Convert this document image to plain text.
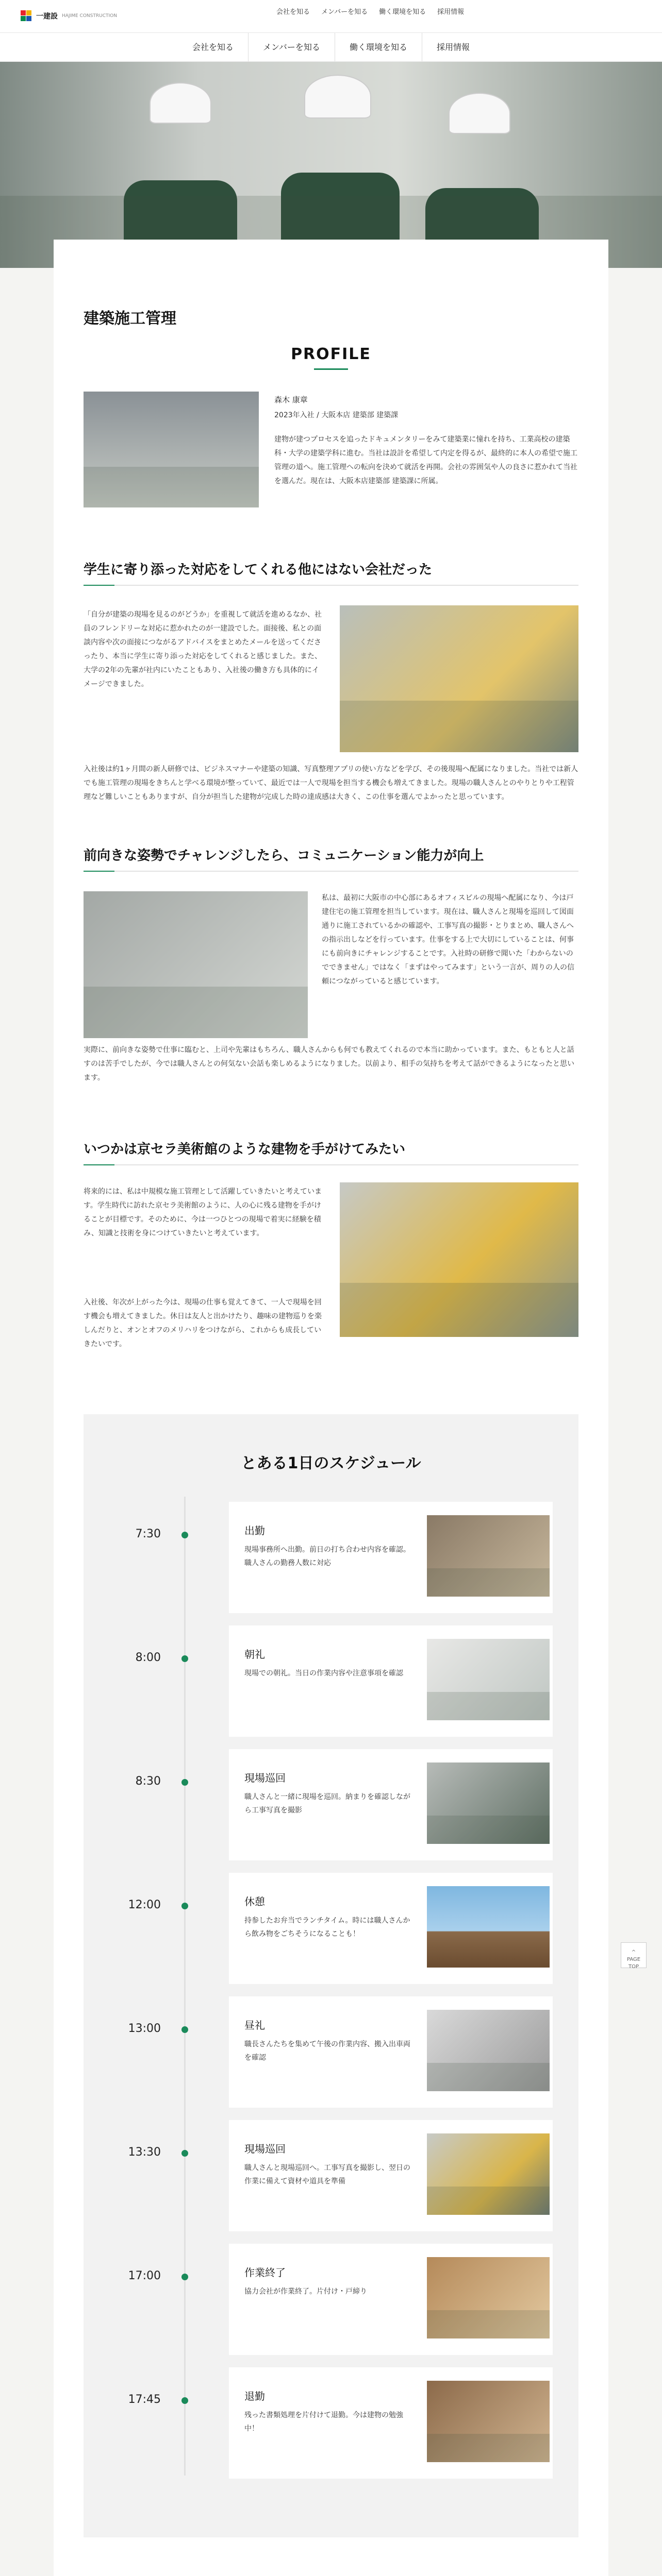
一建設 HAJIME CONSTRUCTION	会社を知る メンバーを知る 働く環境を知る 採用情報
会社を知る	メンバーを知る	働く環境を知る	採用情報
建築施工管理
PROFILE
森木 康章
2023年入社 / 大阪本店 建築部 建築課
建物が建つプロセスを追ったドキュメンタリーをみて建築業に憧れを持ち、工業高校の建築科・大学の建築学科に進む。当社は設計を希望して内定を得るが、最終的に本人の希望で施工管理の道へ。施工管理への転向を決めて就活を再開。会社の雰囲気や人の良さに惹かれて当社を選んだ。現在は、大阪本店建築部 建築課に所属。
学生に寄り添った対応をしてくれる他にはない会社だった
「自分が建築の現場を見るのがどうか」を重視して就活を進めるなか、社員のフレンドリーな対応に惹かれたのが一建設でした。面接後、私との面談内容や次の面接につながるアドバイスをまとめたメールを送ってくださったり、本当に学生に寄り添った対応をしてくれると感じました。また、大学の2年の先輩が社内にいたこともあり、入社後の働き方も具体的にイメージできました。
入社後は約1ヶ月間の新人研修では、ビジネスマナーや建築の知識、写真整理アプリの使い方などを学び、その後現場へ配属になりました。当社では新人でも施工管理の現場をきちんと学べる環境が整っていて、最近では一人で現場を担当する機会も増えてきました。現場の職人さんとのやりとりや工程管理など難しいこともありますが、自分が担当した建物が完成した時の達成感は大きく、この仕事を選んでよかったと思っています。
前向きな姿勢でチャレンジしたら、コミュニケーション能力が向上
私は、最初に大阪市の中心部にあるオフィスビルの現場へ配属になり、今は戸建住宅の施工管理を担当しています。現在は、職人さんと現場を巡回して図面通りに施工されているかの確認や、工事写真の撮影・とりまとめ、職人さんへの指示出しなどを行っています。仕事をする上で大切にしていることは、何事にも前向きにチャレンジすることです。入社時の研修で聞いた「わからないのでできません」ではなく「まずはやってみます」という一言が、周りの人の信頼につながっていると感じています。
実際に、前向きな姿勢で仕事に臨むと、上司や先輩はもちろん、職人さんからも何でも教えてくれるので本当に助かっています。また、もともと人と話すのは苦手でしたが、今では職人さんとの何気ない会話も楽しめるようになりました。以前より、相手の気持ちを考えて話ができるようになったと思います。
いつかは京セラ美術館のような建物を手がけてみたい
将来的には、私は中規模な施工管理として活躍していきたいと考えています。学生時代に訪れた京セラ美術館のように、人の心に残る建物を手がけることが目標です。そのために、今は一つひとつの現場で着実に経験を積み、知識と技術を身につけていきたいと考えています。
入社後、年次が上がった今は、現場の仕事も覚えてきて、一人で現場を回す機会も増えてきました。休日は友人と出かけたり、趣味の建物巡りを楽しんだりと、オンとオフのメリハリをつけながら、これからも成長していきたいです。
とある1日のスケジュール
7:30	出勤
現場事務所へ出勤。前日の打ち合わせ内容を確認。職人さんの勤務人数に対応
8:00	朝礼
現場での朝礼。当日の作業内容や注意事項を確認
8:30	現場巡回
職人さんと一緒に現場を巡回。納まりを確認しながら工事写真を撮影
12:00	休憩
持参したお弁当でランチタイム。時には職人さんから飲み物をごちそうになることも！
13:00	昼礼
職長さんたちを集めて午後の作業内容、搬入出車両を確認
13:30	現場巡回
職人さんと現場巡回へ。工事写真を撮影し、翌日の作業に備えて資材や道具を準備
17:00	作業終了
協力会社が作業終了。片付け・戸締り
17:45	退勤
残った書類処理を片付けて退勤。今は建物の勉強中！
^
PAGE TOP
